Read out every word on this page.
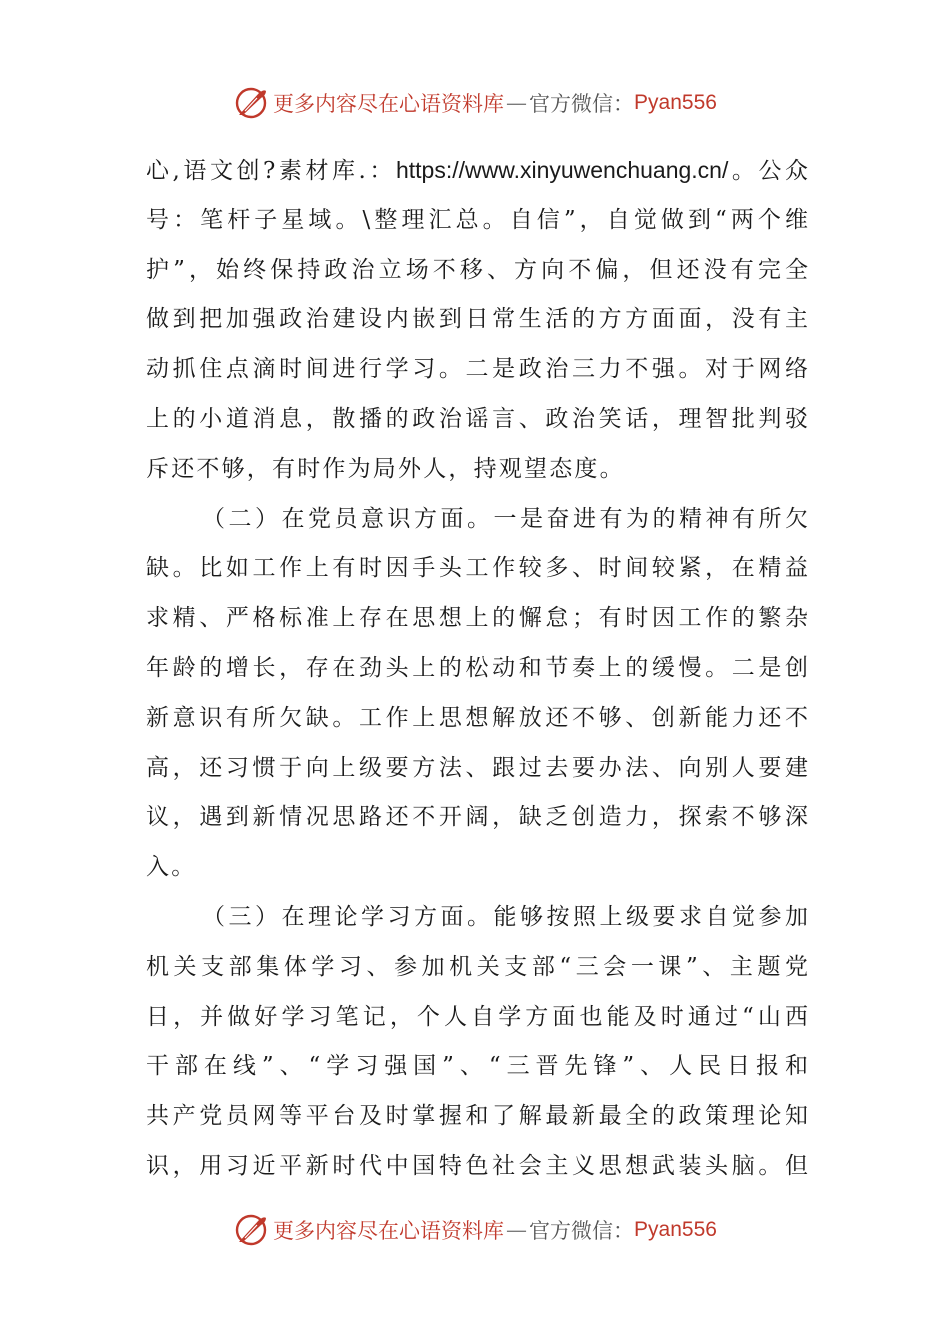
更多内容尽在心语资料库 — 官方微信： Pyan556
心,语文创?素材库.：https://www.xinyuwenchuang.cn/。公众
号：笔杆子星域。\整理汇总。自信”，自觉做到“两个维
护”，始终保持政治立场不移、方向不偏，但还没有完全
做到把加强政治建设内嵌到日常生活的方方面面，没有主
动抓住点滴时间进行学习。二是政治三力不强。对于网络
上的小道消息，散播的政治谣言、政治笑话，理智批判驳
斥还不够，有时作为局外人，持观望态度。
（二）在党员意识方面。一是奋进有为的精神有所欠
缺。比如工作上有时因手头工作较多、时间较紧，在精益
求精、严格标准上存在思想上的懈怠；有时因工作的繁杂
年龄的增长，存在劲头上的松动和节奏上的缓慢。二是创
新意识有所欠缺。工作上思想解放还不够、创新能力还不
高，还习惯于向上级要方法、跟过去要办法、向别人要建
议，遇到新情况思路还不开阔，缺乏创造力，探索不够深
入。
（三）在理论学习方面。能够按照上级要求自觉参加
机关支部集体学习、参加机关支部“三会一课”、主题党
日，并做好学习笔记，个人自学方面也能及时通过“山西
干部在线”、“学习强国”、“三晋先锋”、人民日报和
共产党员网等平台及时掌握和了解最新最全的政策理论知
识，用习近平新时代中国特色社会主义思想武装头脑。但
更多内容尽在心语资料库 — 官方微信： Pyan556
